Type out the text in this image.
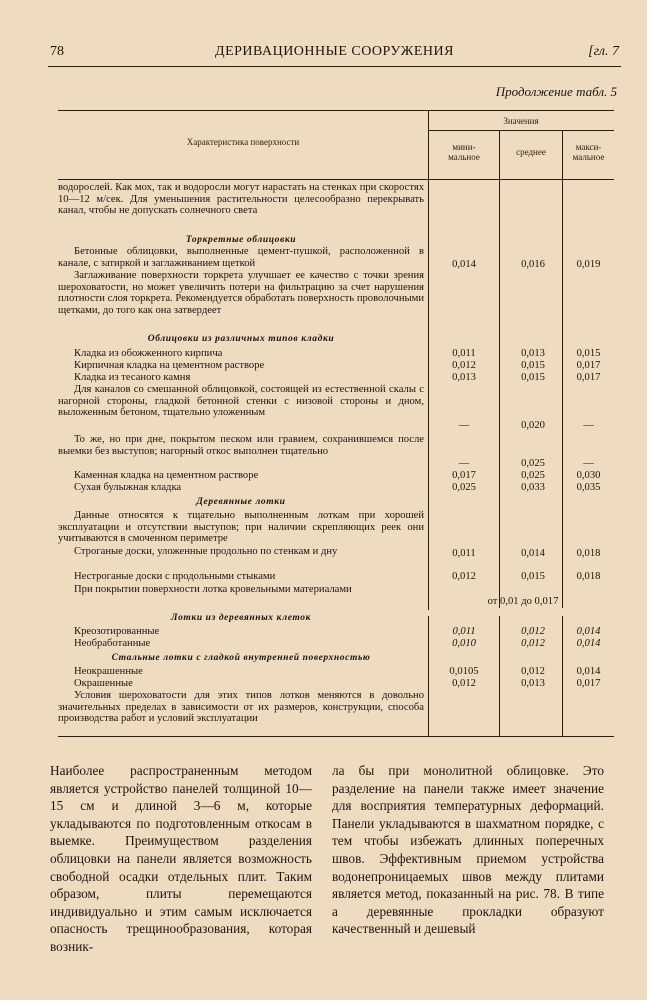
78	ДЕРИВАЦИОННЫЕ СООРУЖЕНИЯ	[гл. 7
Продолжение табл. 5
Характеристика поверхности
Значения
мини-
мальное	среднее	макси-
мальное
водорослей. Как мох, так и водоросли могут нарастать на стенках при скоростях 10—12 м/сек. Для уменьшения растительности целесообразно перекрывать канал, чтобы не допускать солнечного света
Торкретные облицовки
Бетонные облицовки, выполненные цемент-пушкой, расположенной в канале, с затиркой и заглаживанием щеткой	0,014	0,016	0,019
Заглаживание поверхности торкрета улучшает ее качество с точки зрения шероховатости, но может увеличить потери на фильтрацию за счет нарушения плотности слоя торкрета. Рекомендуется обработать поверхность проволочными щетками, до того как она затвердеет
Облицовки из различных типов кладки
Кладка из обожженного кирпича	0,011	0,013	0,015
Кирпичная кладка на цементном растворе	0,012	0,015	0,017
Кладка из тесаного камня	0,013	0,015	0,017
Для каналов со смешанной облицовкой, состоящей из естественной скалы с нагорной стороны, гладкой бетонной стенки с низовой стороны и дном, выложенным бетоном, тщательно уложенным
—	0,020	—
То же, но при дне, покрытом песком или гравием, сохранившемся после выемки без выступов; нагорный откос выполнен тщательно
—	0,025	—
Каменная кладка на цементном растворе	0,017	0,025	0,030
Сухая булыжная кладка	0,025	0,033	0,035
Деревянные лотки
Данные относятся к тщательно выполненным лоткам при хорошей эксплуатации и отсутствии выступов; при наличии скрепляющих реек они учитываются в смоченном периметре
Строганые доски, уложенные продольно по стенкам и дну	0,011	0,014	0,018
Нестроганые доски с продольными стыками	0,012	0,015	0,018
При покрытии поверхности лотка кровельными материалами
от 0,01 до 0,017
Лотки из деревянных клеток
Креозотированные	0,011	0,012	0,014
Необработанные	0,010	0,012	0,014
Стальные лотки с гладкой внутренней поверхностью
Неокрашенные	0,0105	0,012	0,014
Окрашенные	0,012	0,013	0,017
Условия шероховатости для этих типов лотков меняются в довольно значительных пределах в зависимости от их размеров, конструкции, способа производства работ и условий эксплуатации
Наиболее распространенным методом является устройство панелей толщиной 10—15 см и длиной 3—6 м, которые укладываются по подготовленным откосам в выемке. Преимуществом разделения облицовки на панели является возможность свободной осадки отдельных плит. Таким образом, плиты перемещаются индивидуально и этим самым исключается опасность трещинообразования, которая возник-
ла бы при монолитной облицовке. Это разделение на панели также имеет значение для восприятия температурных деформаций. Панели укладываются в шахматном порядке, с тем чтобы избежать длинных поперечных швов. Эффективным приемом устройства водонепроницаемых швов между плитами является метод, показанный на рис. 78. В типе а деревянные прокладки образуют качественный и дешевый
